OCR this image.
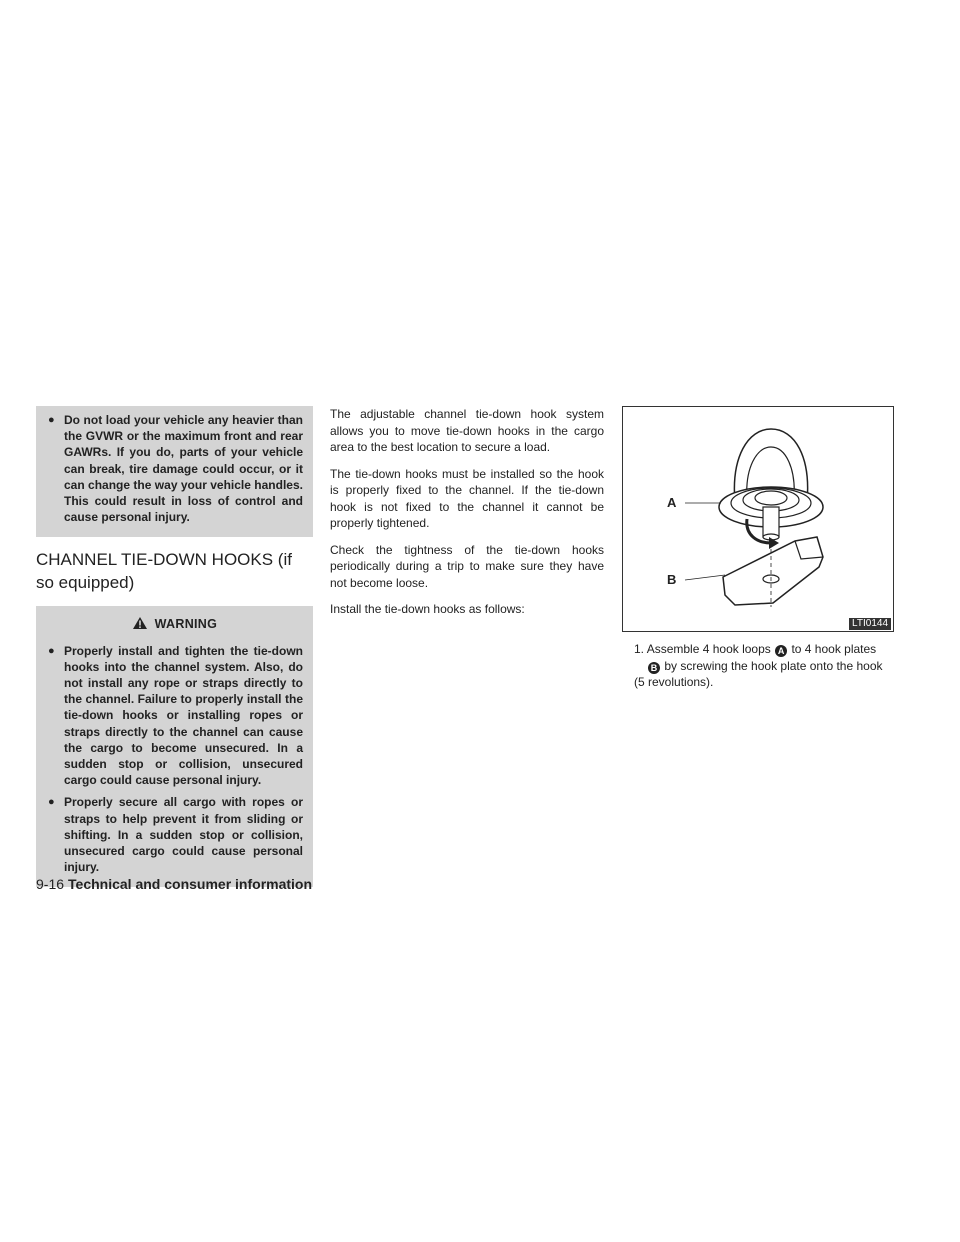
● Do not load your vehicle any heavier than the GVWR or the maximum front and rear GAWRs. If you do, parts of your vehicle can break, tire damage could occur, or it can change the way your vehicle handles. This could result in loss of control and cause personal injury.
CHANNEL TIE-DOWN HOOKS (if so equipped)
WARNING
● Properly install and tighten the tie-down hooks into the channel system. Also, do not install any rope or straps directly to the channel. Failure to properly install the tie-down hooks or installing ropes or straps directly to the channel can cause the cargo to become unsecured. In a sudden stop or collision, unsecured cargo could cause personal injury.
● Properly secure all cargo with ropes or straps to help prevent it from sliding or shifting. In a sudden stop or collision, unsecured cargo could cause personal injury.

The adjustable channel tie-down hook system allows you to move tie-down hooks in the cargo area to the best location to secure a load.

The tie-down hooks must be installed so the hook is properly fixed to the channel. If the tie-down hook is not fixed to the channel it cannot be properly tightened.

Check the tightness of the tie-down hooks periodically during a trip to make sure they have not become loose.

Install the tie-down hooks as follows:

A
B
LTI0144
1. Assemble 4 hook loops A to 4 hook plates
B by screwing the hook plate onto the hook (5 revolutions).
9-16 Technical and consumer information
